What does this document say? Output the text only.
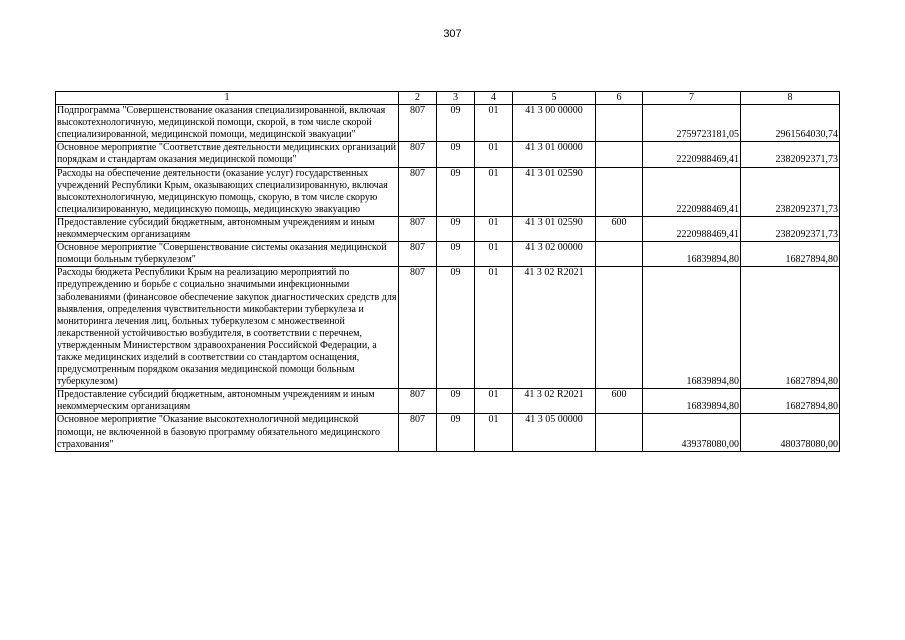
307
1	2	3	4	5	6	7	8
Подпрограмма "Совершенствование оказания специализированной, включая высокотехнологичную, медицинской помощи, скорой, в том числе скорой специализированной, медицинской помощи, медицинской эвакуации"	807	09	01	41 3 00 00000		2759723181,05	2961564030,74
Основное мероприятие "Соответствие деятельности медицинских организаций порядкам и стандартам оказания медицинской помощи"	807	09	01	41 3 01 00000		2220988469,41	2382092371,73
Расходы на обеспечение деятельности (оказание услуг) государственных учреждений Республики Крым, оказывающих специализированную, включая высокотехнологичную, медицинскую помощь, скорую, в том числе скорую специализированную, медицинскую помощь, медицинскую эвакуацию	807	09	01	41 3 01 02590		2220988469,41	2382092371,73
Предоставление субсидий бюджетным, автономным учреждениям и иным некоммерческим организациям	807	09	01	41 3 01 02590	600	2220988469,41	2382092371,73
Основное мероприятие "Совершенствование системы оказания медицинской помощи больным туберкулезом"	807	09	01	41 3 02 00000		16839894,80	16827894,80
Расходы бюджета Республики Крым на реализацию мероприятий по предупреждению и борьбе с социально значимыми инфекционными заболеваниями (финансовое обеспечение закупок диагностических средств для выявления, определения чувствительности микобактерии туберкулеза и мониторинга лечения лиц, больных туберкулезом с множественной лекарственной устойчивостью возбудителя, в соответствии с перечнем, утвержденным Министерством здравоохранения Российской Федерации, а также медицинских изделий в соответствии со стандартом оснащения, предусмотренным порядком оказания медицинской помощи больным туберкулезом)	807	09	01	41 3 02 R2021		16839894,80	16827894,80
Предоставление субсидий бюджетным, автономным учреждениям и иным некоммерческим организациям	807	09	01	41 3 02 R2021	600	16839894,80	16827894,80
Основное мероприятие "Оказание высокотехнологичной медицинской помощи, не включенной в базовую программу обязательного медицинского страхования"	807	09	01	41 3 05 00000		439378080,00	480378080,00
